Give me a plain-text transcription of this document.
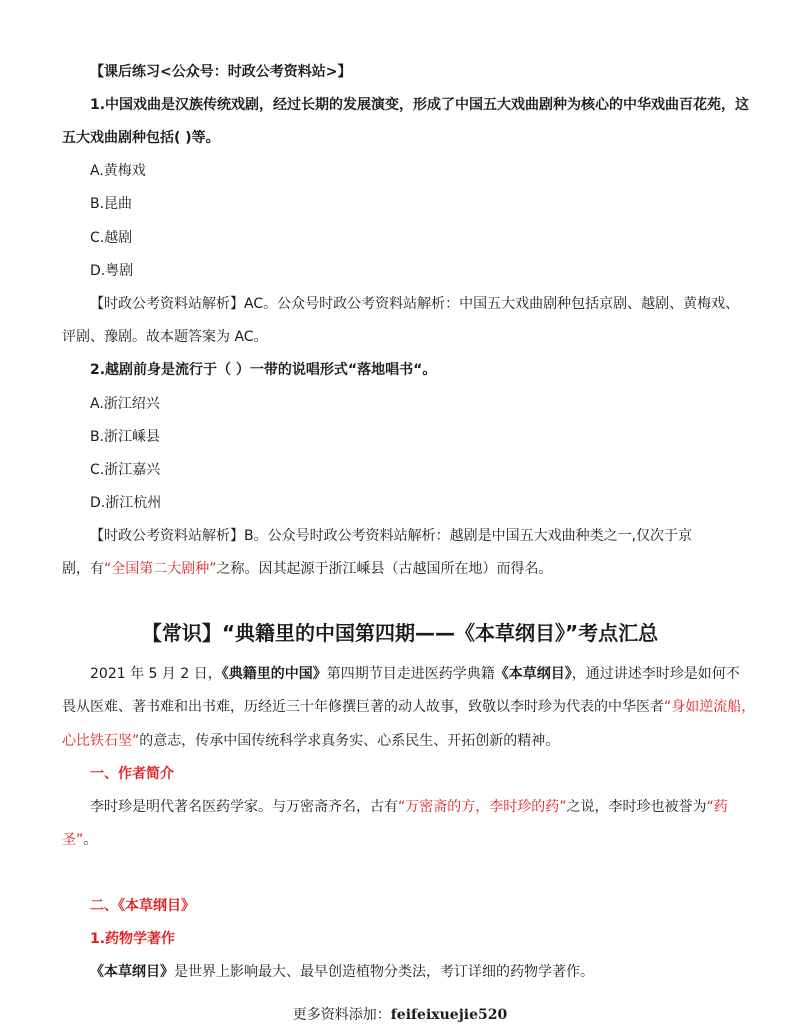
【课后练习<公众号：时政公考资料站>】
1.中国戏曲是汉族传统戏剧，经过长期的发展演变，形成了中国五大戏曲剧种为核心的中华戏曲百花苑，这
五大戏曲剧种包括( )等。
A.黄梅戏
B.昆曲
C.越剧
D.粤剧
【时政公考资料站解析】AC。公众号时政公考资料站解析：中国五大戏曲剧种包括京剧、越剧、黄梅戏、
评剧、豫剧。故本题答案为 AC。
2.越剧前身是流行于（ ）一带的说唱形式“落地唱书“。
A.浙江绍兴
B.浙江嵊县
C.浙江嘉兴
D.浙江杭州
【时政公考资料站解析】B。公众号时政公考资料站解析：越剧是中国五大戏曲种类之一,仅次于京
剧，有“全国第二大剧种”之称。因其起源于浙江嵊县（古越国所在地）而得名。
【常识】“典籍里的中国第四期——《本草纲目》”考点汇总
2021 年 5 月 2 日，《典籍里的中国》第四期节目走进医药学典籍《本草纲目》，通过讲述李时珍是如何不
畏从医难、著书难和出书难，历经近三十年修撰巨著的动人故事，致敬以李时珍为代表的中华医者“身如逆流船，
心比铁石坚”的意志，传承中国传统科学求真务实、心系民生、开拓创新的精神。
一、作者简介
李时珍是明代著名医药学家。与万密斋齐名，古有“万密斋的方，李时珍的药”之说，李时珍也被誉为“药
圣”。
二、《本草纲目》
1.药物学著作
《本草纲目》是世界上影响最大、最早创造植物分类法，考订详细的药物学著作。
更多资料添加：feifeixuejie520
